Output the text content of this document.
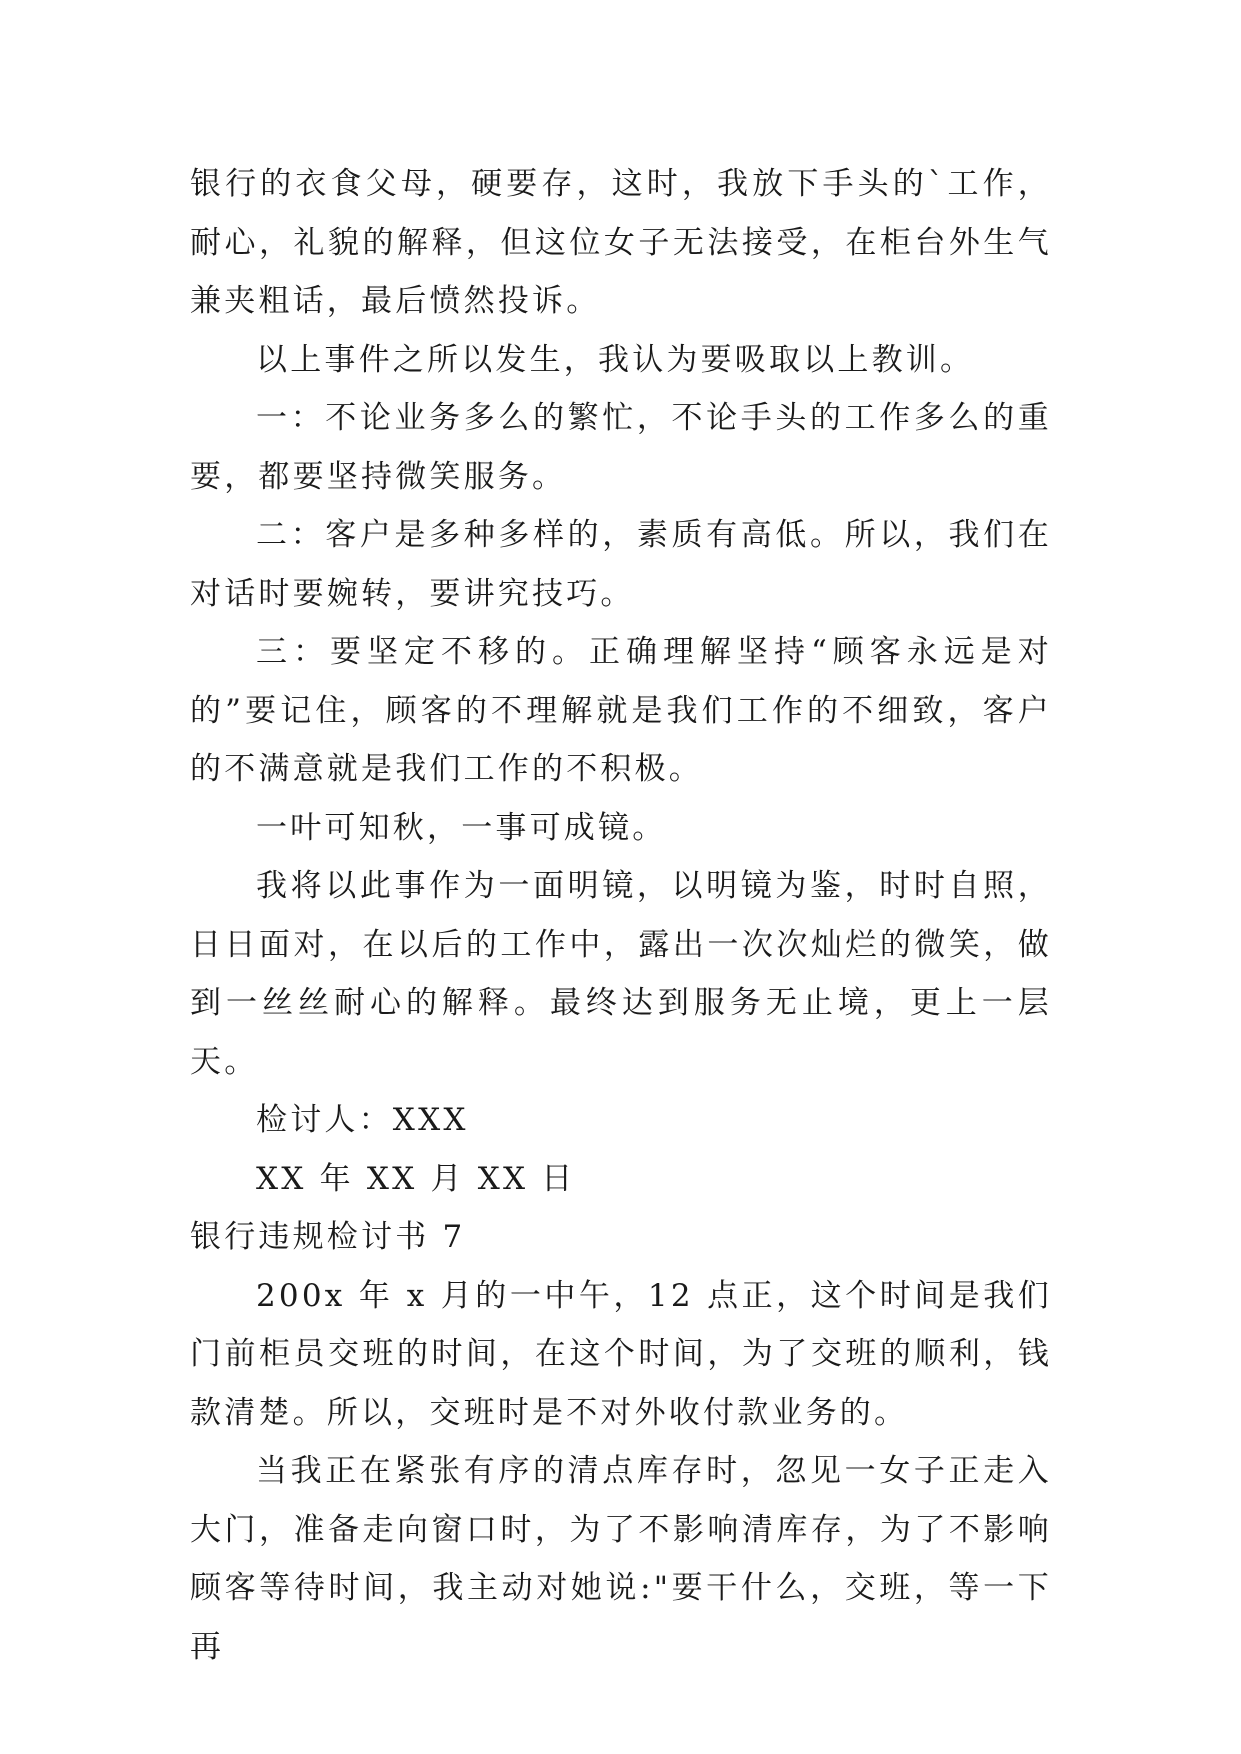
银行的衣食父母，硬要存，这时，我放下手头的`工作，耐心，礼貌的解释，但这位女子无法接受，在柜台外生气兼夹粗话，最后愤然投诉。

以上事件之所以发生，我认为要吸取以上教训。

一：不论业务多么的繁忙，不论手头的工作多么的重要，都要坚持微笑服务。

二：客户是多种多样的，素质有高低。所以，我们在对话时要婉转，要讲究技巧。

三：要坚定不移的。正确理解坚持“顾客永远是对的”要记住，顾客的不理解就是我们工作的不细致，客户的不满意就是我们工作的不积极。

一叶可知秋，一事可成镜。

我将以此事作为一面明镜，以明镜为鉴，时时自照，日日面对，在以后的工作中，露出一次次灿烂的微笑，做到一丝丝耐心的解释。最终达到服务无止境，更上一层天。

检讨人：XXX

XX 年 XX 月 XX 日

银行违规检讨书 7

200x 年 x 月的一中午，12 点正，这个时间是我们门前柜员交班的时间，在这个时间，为了交班的顺利，钱款清楚。所以，交班时是不对外收付款业务的。

当我正在紧张有序的清点库存时，忽见一女子正走入大门，准备走向窗口时，为了不影响清库存，为了不影响顾客等待时间，我主动对她说:"要干什么，交班，等一下再
